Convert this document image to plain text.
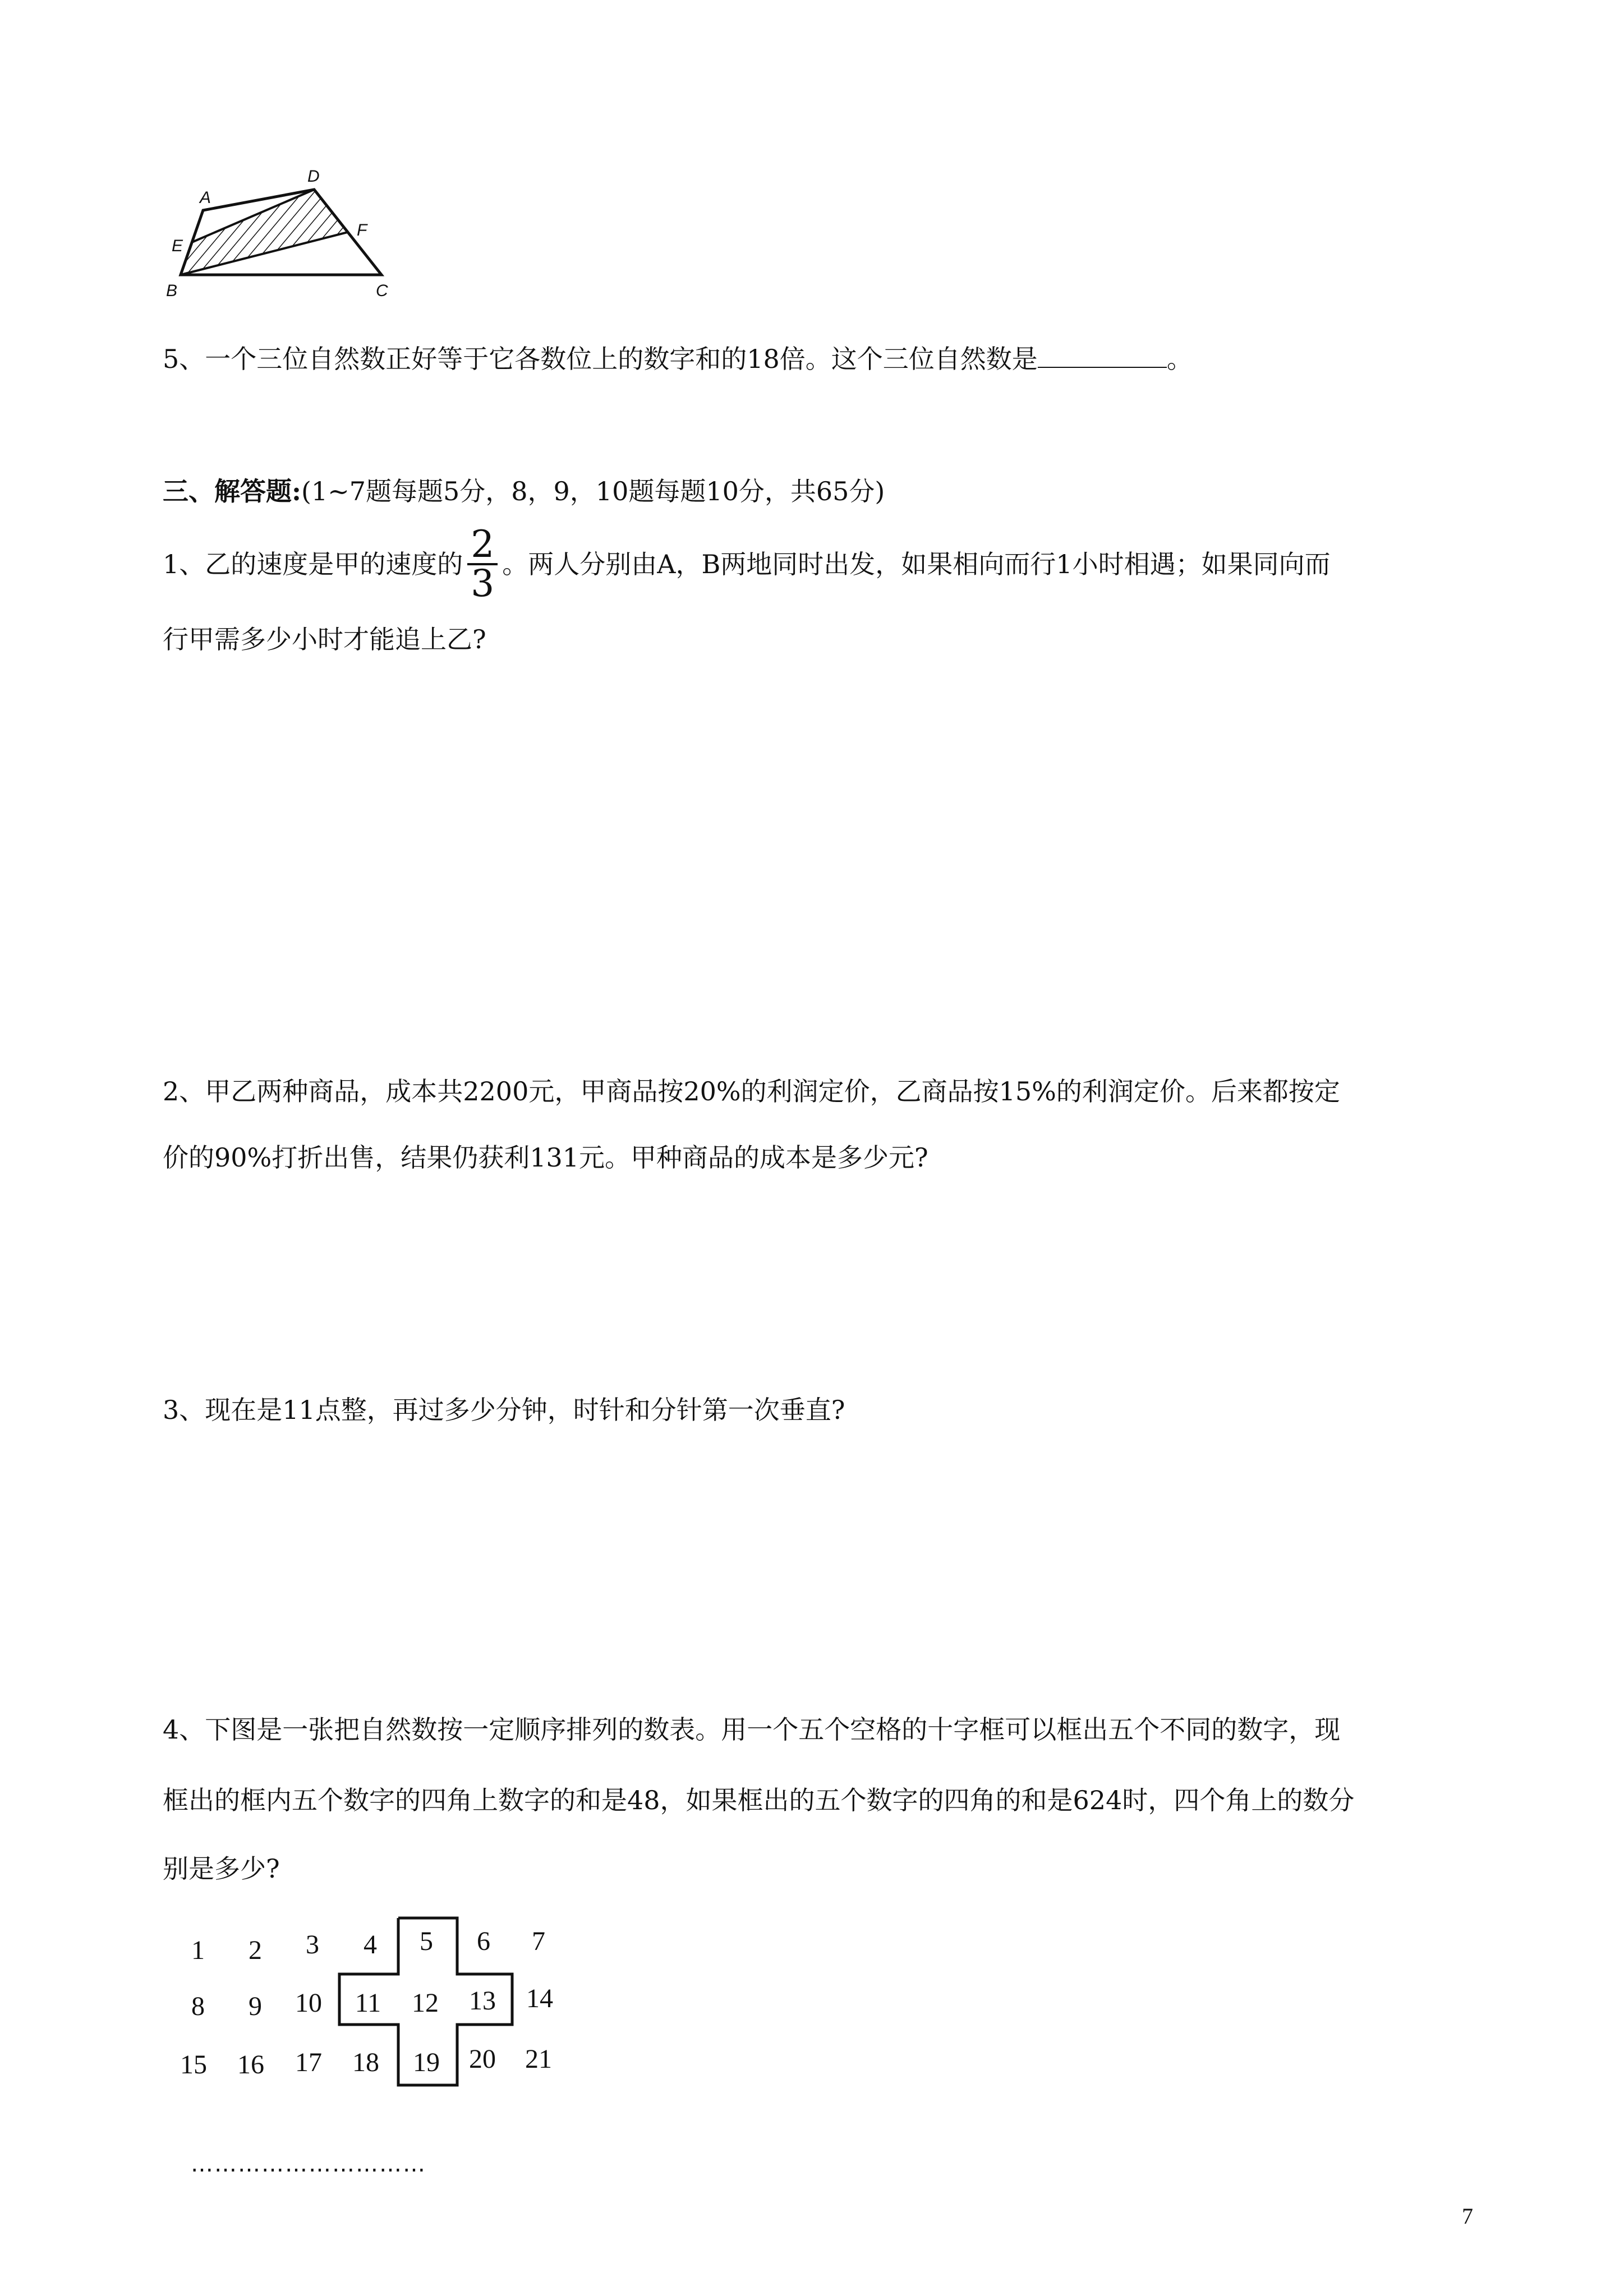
A
D
E
F
B	C
5、一个三位自然数正好等于它各数位上的数字和的18倍。这个三位自然数是	。
三、解答题:(1~7题每题5分，8，9，10题每题10分，共65分)
1、乙的速度是甲的速度的 $\frac{2}{3}$ 。两人分别由A，B两地同时出发，如果相向而行1小时相遇；如果同向而
行甲需多少小时才能追上乙?
2、甲乙两种商品，成本共2200元，甲商品按20%的利润定价，乙商品按15%的利润定价。后来都按定
价的90%打折出售，结果仍获利131元。甲种商品的成本是多少元?
3、现在是11点整，再过多少分钟，时针和分针第一次垂直?
4、下图是一张把自然数按一定顺序排列的数表。用一个五个空格的十字框可以框出五个不同的数字，现
框出的框内五个数字的四角上数字的和是48，如果框出的五个数字的四角的和是624时，四个角上的数分
别是多少?
1	2	3	4	5	6	7
8	9	10	11	12	13	14
15	16	17	18	19	20	21
…………………………
7
